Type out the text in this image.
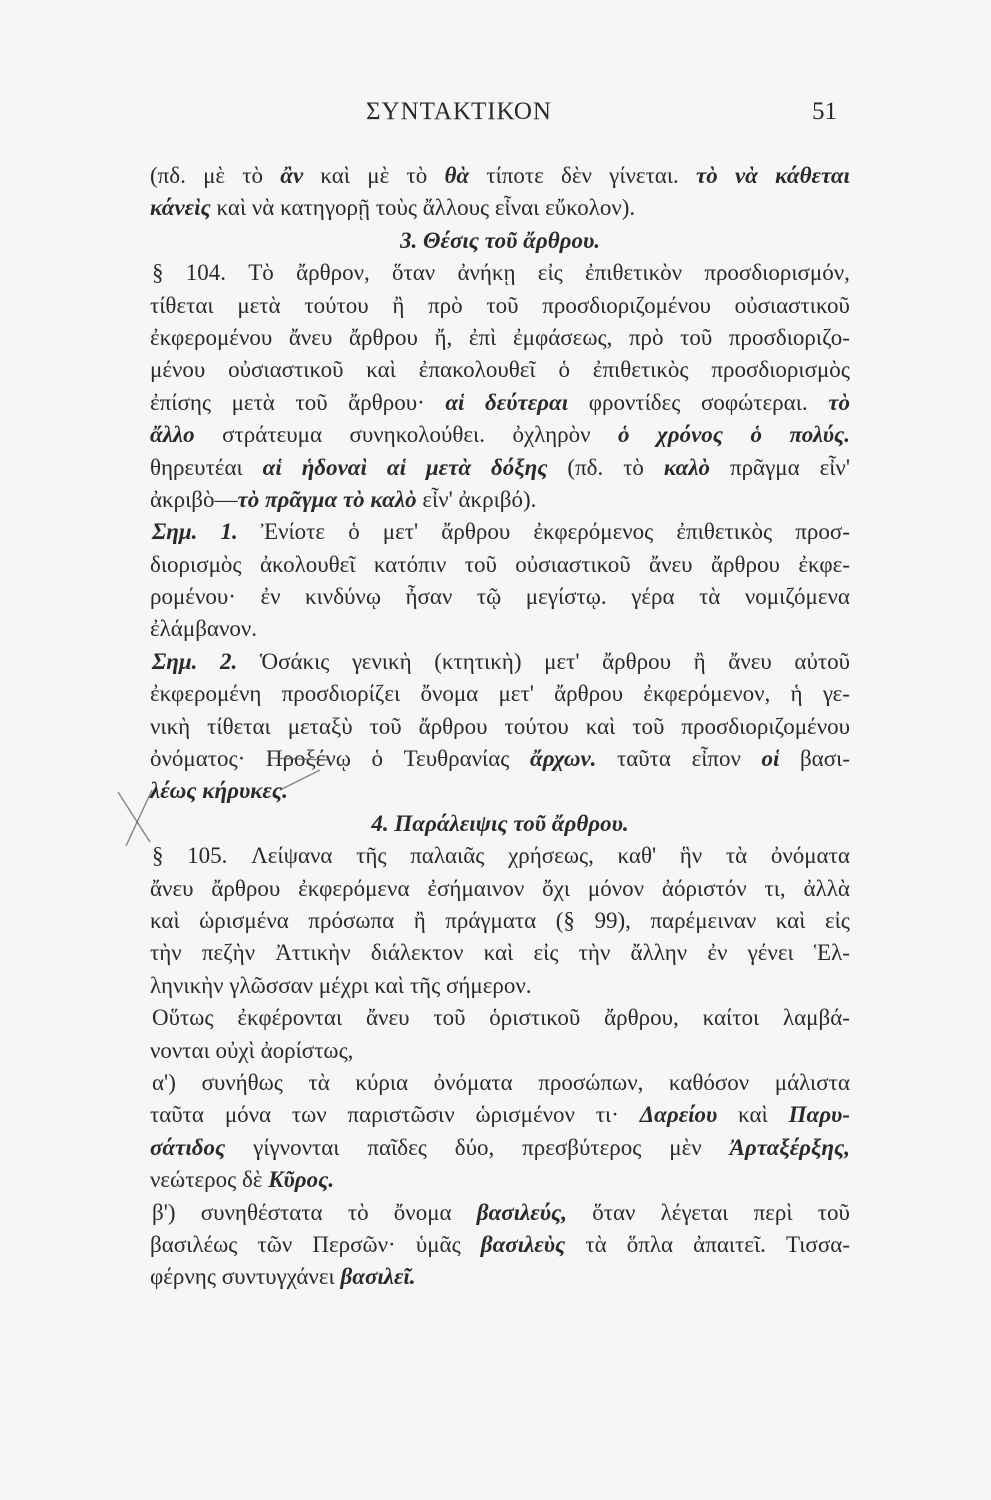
ΣΥΝΤΑΚΤΙΚΟΝ	51
(πδ. μὲ τὸ ἂν καὶ μὲ τὸ θὰ τίποτε δὲν γίνεται. τὸ νὰ κάθεται
κάνεὶς καὶ νὰ κατηγορῇ τοὺς ἄλλους εἶναι εὔκολον).
3. Θέσις τοῦ ἄρθρου.
§ 104. Τὸ ἄρθρον, ὅταν ἀνήκῃ εἰς ἐπιθετικὸν προσδιορισμόν,
τίθεται μετὰ τούτου ἢ πρὸ τοῦ προσδιοριζομένου οὐσιαστικοῦ
ἐκφερομένου ἄνευ ἄρθρου ἤ, ἐπὶ ἐμφάσεως, πρὸ τοῦ προσδιοριζο-
μένου οὐσιαστικοῦ καὶ ἐπακολουθεῖ ὁ ἐπιθετικὸς προσδιορισμὸς
ἐπίσης μετὰ τοῦ ἄρθρου· αἱ δεύτεραι φροντίδες σοφώτεραι. τὸ
ἄλλο στράτευμα συνηκολούθει. ὀχληρὸν ὁ χρόνος ὁ πολύς.
θηρευτέαι αἱ ἡδοναὶ αἱ μετὰ δόξης (πδ. τὸ καλὸ πρᾶγμα εἶν'
ἀκριβὸ—τὸ πρᾶγμα τὸ καλὸ εἶν' ἀκριβό).
Σημ. 1. Ἐνίοτε ὁ μετ' ἄρθρου ἐκφερόμενος ἐπιθετικὸς προσ-
διορισμὸς ἀκολουθεῖ κατόπιν τοῦ οὐσιαστικοῦ ἄνευ ἄρθρου ἐκφε-
ρομένου· ἐν κινδύνῳ ἦσαν τῷ μεγίστῳ. γέρα τὰ νομιζόμενα
ἐλάμβανον.
Σημ. 2. Ὁσάκις γενικὴ (κτητικὴ) μετ' ἄρθρου ἢ ἄνευ αὐτοῦ
ἐκφερομένη προσδιορίζει ὄνομα μετ' ἄρθρου ἐκφερόμενον, ἡ γε-
νικὴ τίθεται μεταξὺ τοῦ ἄρθρου τούτου καὶ τοῦ προσδιοριζομένου
ὀνόματος· Προξένῳ ὁ Τευθρανίας ἄρχων. ταῦτα εἶπον οἱ βασι-
λέως κήρυκες.
4. Παράλειψις τοῦ ἄρθρου.
§ 105. Λείψανα τῆς παλαιᾶς χρήσεως, καθ' ἣν τὰ ὀνόματα
ἄνευ ἄρθρου ἐκφερόμενα ἐσήμαινον ὄχι μόνον ἀόριστόν τι, ἀλλὰ
καὶ ὡρισμένα πρόσωπα ἢ πράγματα (§ 99), παρέμειναν καὶ εἰς
τὴν πεζὴν Ἀττικὴν διάλεκτον καὶ εἰς τὴν ἄλλην ἐν γένει Ἑλ-
ληνικὴν γλῶσσαν μέχρι καὶ τῆς σήμερον.
Οὕτως ἐκφέρονται ἄνευ τοῦ ὁριστικοῦ ἄρθρου, καίτοι λαμβά-
νονται οὐχὶ ἀορίστως,
α') συνήθως τὰ κύρια ὀνόματα προσώπων, καθόσον μάλιστα
ταῦτα μόνα των παριστῶσιν ὡρισμένον τι· Δαρείου καὶ Παρυ-
σάτιδος γίγνονται παῖδες δύο, πρεσβύτερος μὲν Ἀρταξέρξης,
νεώτερος δὲ Κῦρος.
β') συνηθέστατα τὸ ὄνομα βασιλεύς, ὅταν λέγεται περὶ τοῦ
βασιλέως τῶν Περσῶν· ὑμᾶς βασιλεὺς τὰ ὅπλα ἀπαιτεῖ. Τισσα-
φέρνης συντυγχάνει βασιλεῖ.
